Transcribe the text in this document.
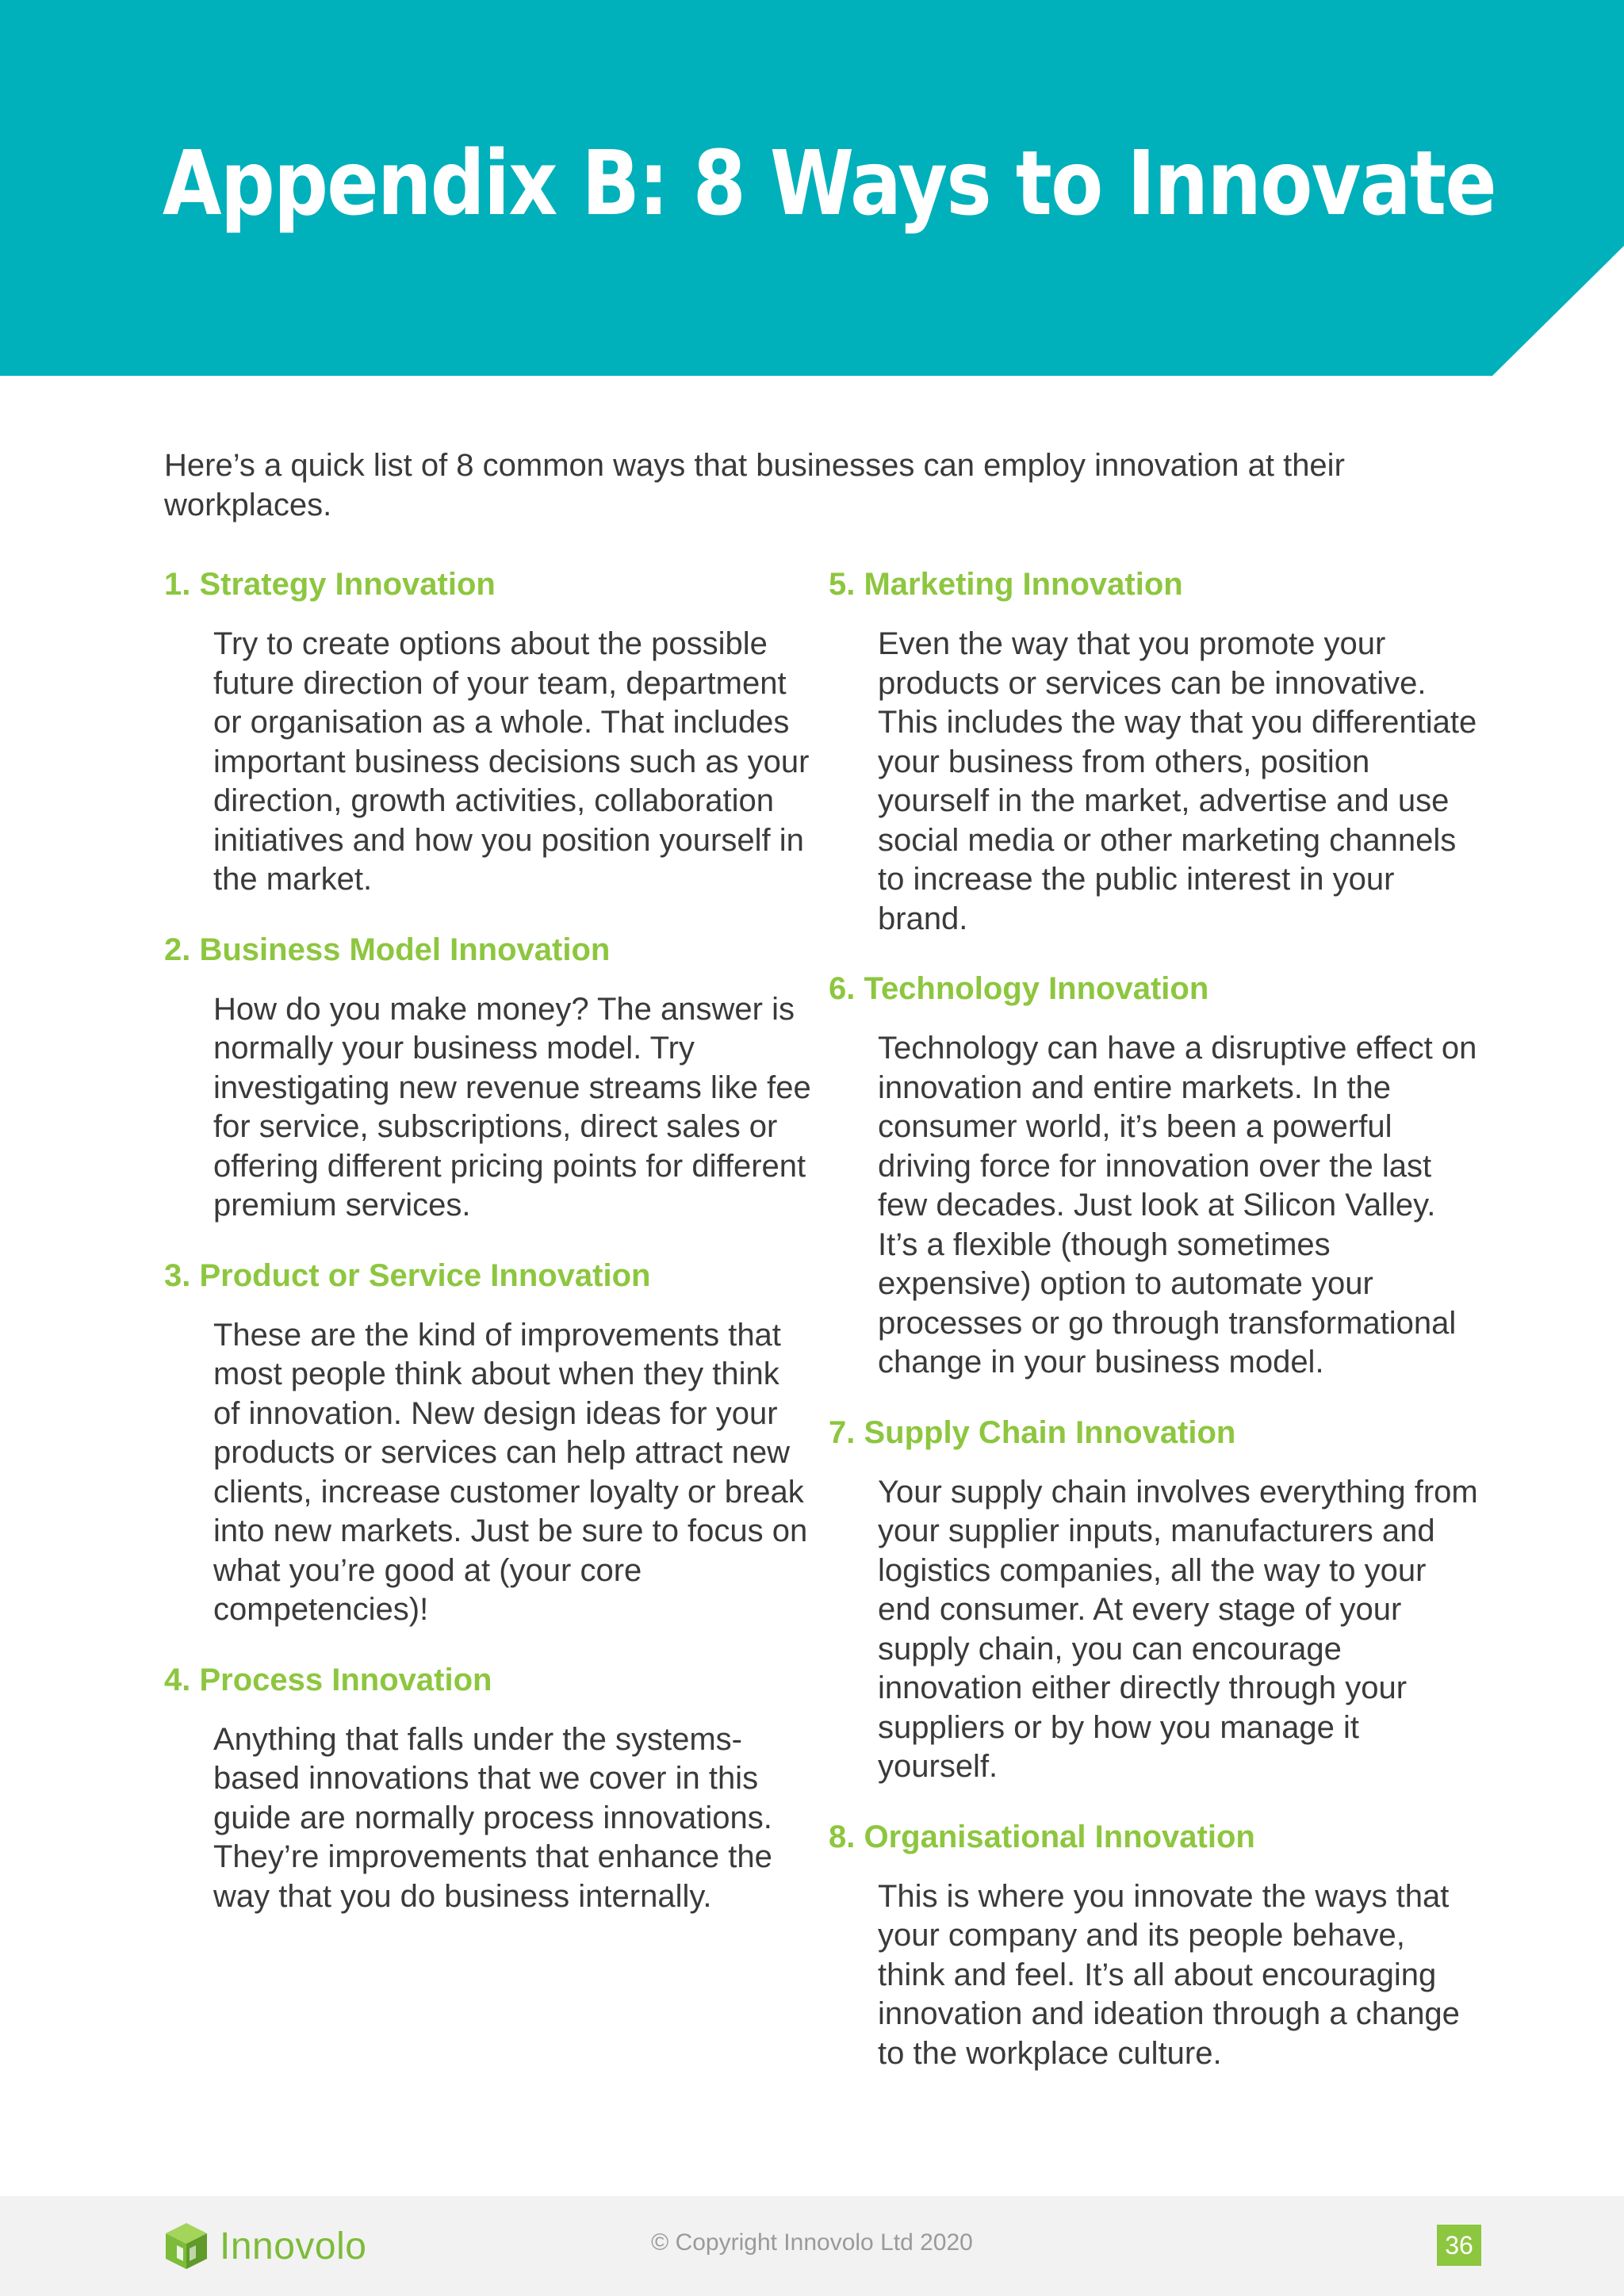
Appendix B: 8 Ways to Innovate

Here’s a quick list of 8 common ways that businesses can employ innovation at their workplaces.

1. Strategy Innovation

Try to create options about the possible future direction of your team, department or organisation as a whole. That includes important business decisions such as your direction, growth activities, collaboration initiatives and how you position yourself in the market.

2. Business Model Innovation

How do you make money? The answer is normally your business model. Try investigating new revenue streams like fee for service, subscriptions, direct sales or offering different pricing points for different premium services.

3. Product or Service Innovation

These are the kind of improvements that most people think about when they think of innovation. New design ideas for your products or services can help attract new clients, increase customer loyalty or break into new markets. Just be sure to focus on what you’re good at (your core competencies)!

4. Process Innovation

Anything that falls under the systems-based innovations that we cover in this guide are normally process innovations. They’re improvements that enhance the way that you do business internally.

5. Marketing Innovation

Even the way that you promote your products or services can be innovative. This includes the way that you differentiate your business from others, position yourself in the market, advertise and use social media or other marketing channels to increase the public interest in your brand.

6. Technology Innovation

Technology can have a disruptive effect on innovation and entire markets. In the consumer world, it’s been a powerful driving force for innovation over the last few decades. Just look at Silicon Valley. It’s a flexible (though sometimes expensive) option to automate your processes or go through transformational change in your business model.

7. Supply Chain Innovation

Your supply chain involves everything from your supplier inputs, manufacturers and logistics companies, all the way to your end consumer. At every stage of your supply chain, you can encourage innovation either directly through your suppliers or by how you manage it yourself.

8. Organisational Innovation

This is where you innovate the ways that your company and its people behave, think and feel. It’s all about encouraging innovation and ideation through a change to the workplace culture.

Innovolo	© Copyright Innovolo Ltd 2020	36
